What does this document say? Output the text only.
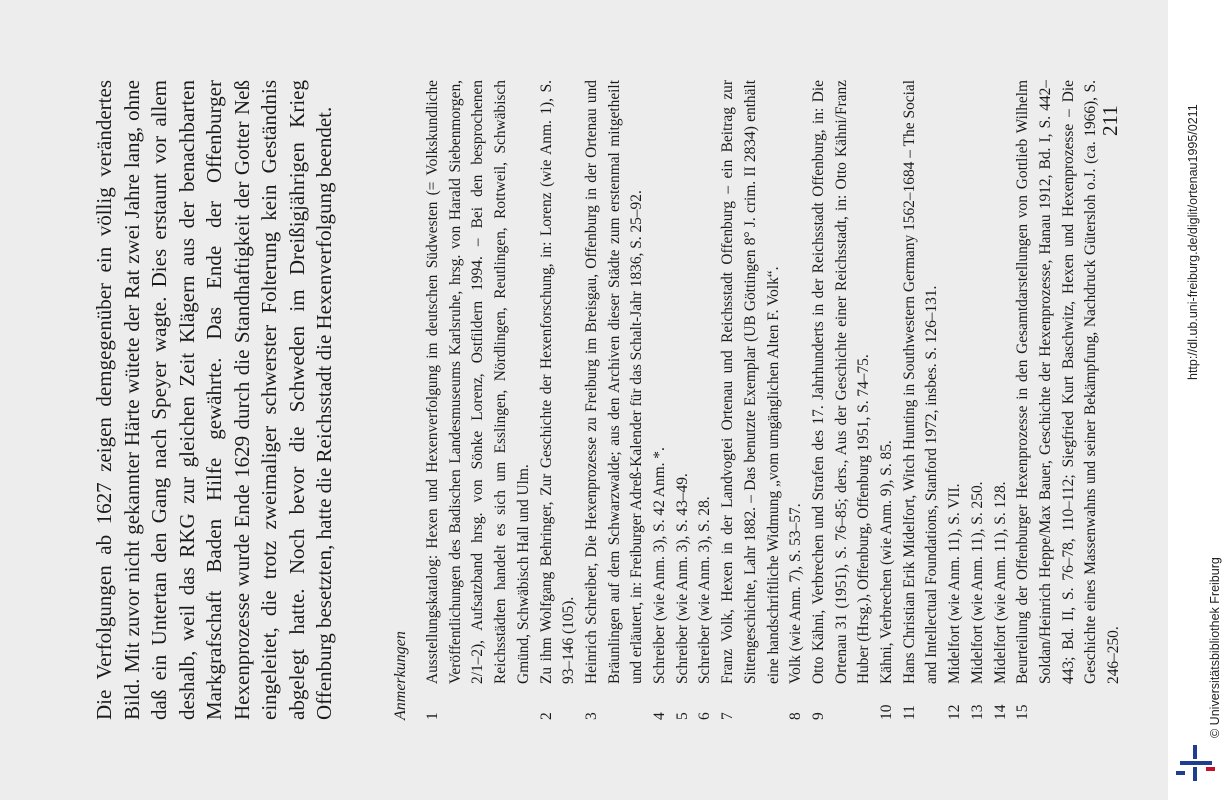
Die Verfolgungen ab 1627 zeigen demgegenüber ein völlig verändertes Bild. Mit zuvor nicht gekannter Härte wütete der Rat zwei Jahre lang, ohne daß ein Untertan den Gang nach Speyer wagte. Dies erstaunt vor allem deshalb, weil das RKG zur gleichen Zeit Klägern aus der benachbarten Markgrafschaft Baden Hilfe gewährte. Das Ende der Offenburger Hexenprozesse wurde Ende 1629 durch die Standhaftigkeit der Gotter Neß eingeleitet, die trotz zweimaliger schwerster Folterung kein Geständnis abgelegt hatte. Noch bevor die Schweden im Dreißigjährigen Krieg Offenburg besetzten, hatte die Reichsstadt die Hexenverfolgung beendet.	Anmerkungen 1
Ausstellungskatalog: Hexen und Hexenverfolgung im deutschen Südwesten (= Volkskundliche Veröffentlichungen des Badischen Landesmuseums Karlsruhe, hrsg. von Harald Siebenmorgen, 2/1–2), Aufsatzband hrsg. von Sönke Lorenz, Ostfildern 1994. – Bei den besprochenen Reichsstädten handelt es sich um Esslingen, Nördlingen, Reutlingen, Rottweil, Schwäbisch Gmünd, Schwäbisch Hall und Ulm.
2
Zu ihm Wolfgang Behringer, Zur Geschichte der Hexenforschung, in: Lorenz (wie Anm. 1), S. 93–146 (105).
3
Heinrich Schreiber, Die Hexenprozesse zu Freiburg im Breisgau, Offenburg in der Ortenau und Bräunlingen auf dem Schwarzwalde; aus den Archiven dieser Städte zum erstenmal mitgetheilt und erläutert, in: Freiburger Adreß-Kalender für das Schalt-Jahr 1836, S. 25–92.
4
Schreiber (wie Anm. 3), S. 42 Anm. *.
5
Schreiber (wie Anm. 3), S. 43–49.
6
Schreiber (wie Anm. 3), S. 28.
7
Franz Volk, Hexen in der Landvogtei Ortenau und Reichsstadt Offenburg – ein Beitrag zur Sittengeschichte, Lahr 1882. – Das benutzte Exemplar (UB Göttingen 8° J. crim. II 2834) enthält eine handschriftliche Widmung „vom umgänglichen Alten F. Volk“.
8
Volk (wie Anm. 7), S. 53–57.
9
Otto Kähni, Verbrechen und Strafen des 17. Jahrhunderts in der Reichsstadt Offenburg, in: Die Ortenau 31 (1951), S. 76–85; ders., Aus der Geschichte einer Reichsstadt, in: Otto Kähni/Franz Huber (Hrsg.), Offenburg, Offenburg 1951, S. 74–75.
10
Kähni, Verbrechen (wie Anm. 9), S. 85.
11
Hans Christian Erik Midelfort, Witch Hunting in Southwestern Germany 1562–1684 – The Social and Intellectual Foundations, Stanford 1972, insbes. S. 126–131.
12
Midelfort (wie Anm. 11), S. VII.
13
Midelfort (wie Anm. 11), S. 250.
14
Midelfort (wie Anm. 11), S. 128.
15
Beurteilung der Offenburger Hexenprozesse in den Gesamtdarstellungen von Gottlieb Wilhelm Soldan/Heinrich Heppe/Max Bauer, Geschichte der Hexenprozesse, Hanau 1912, Bd. I, S. 442–443; Bd. II, S. 76–78, 110–112; Siegfried Kurt Baschwitz, Hexen und Hexenprozesse – Die Geschichte eines Massenwahns und seiner Bekämpfung, Nachdruck Gütersloh o.J. (ca. 1966), S. 246–250.
211	http://dl.ub.uni-freiburg.de/diglit/ortenau1995/0211
© Universitätsbibliothek Freiburg
